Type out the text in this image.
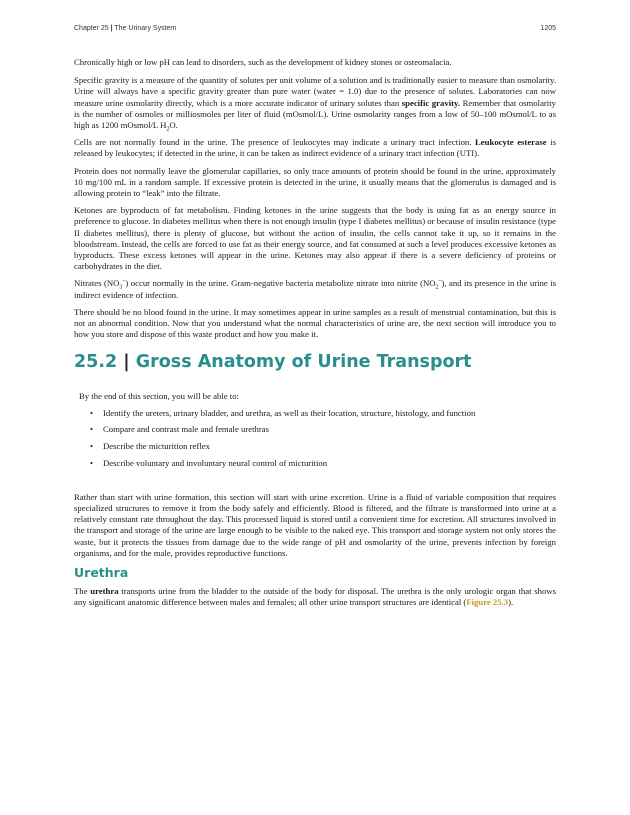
Chapter 25 | The Urinary System	1205

Chronically high or low pH can lead to disorders, such as the development of kidney stones or osteomalacia.

Specific gravity is a measure of the quantity of solutes per unit volume of a solution and is traditionally easier to measure than osmolarity. Urine will always have a specific gravity greater than pure water (water = 1.0) due to the presence of solutes. Laboratories can now measure urine osmolarity directly, which is a more accurate indicator of urinary solutes than specific gravity. Remember that osmolarity is the number of osmoles or milliosmoles per liter of fluid (mOsmol/L). Urine osmolarity ranges from a low of 50–100 mOsmol/L to as high as 1200 mOsmol/L $H_2O$.

Cells are not normally found in the urine. The presence of leukocytes may indicate a urinary tract infection. Leukocyte esterase is released by leukocytes; if detected in the urine, it can be taken as indirect evidence of a urinary tract infection (UTI).

Protein does not normally leave the glomerular capillaries, so only trace amounts of protein should be found in the urine, approximately 10 mg/100 mL in a random sample. If excessive protein is detected in the urine, it usually means that the glomerulus is damaged and is allowing protein to “leak” into the filtrate.

Ketones are byproducts of fat metabolism. Finding ketones in the urine suggests that the body is using fat as an energy source in preference to glucose. In diabetes mellitus when there is not enough insulin (type I diabetes mellitus) or because of insulin resistance (type II diabetes mellitus), there is plenty of glucose, but without the action of insulin, the cells cannot take it up, so it remains in the bloodstream. Instead, the cells are forced to use fat as their energy source, and fat consumed at such a level produces excessive ketones as byproducts. These excess ketones will appear in the urine. Ketones may also appear if there is a severe deficiency of proteins or carbohydrates in the diet.

Nitrates $(NO_3^-)$ occur normally in the urine. Gram-negative bacteria metabolize nitrate into nitrite $(NO_2^-)$, and its presence in the urine is indirect evidence of infection.

There should be no blood found in the urine. It may sometimes appear in urine samples as a result of menstrual contamination, but this is not an abnormal condition. Now that you understand what the normal characteristics of urine are, the next section will introduce you to how you store and dispose of this waste product and how you make it.

25.2 | Gross Anatomy of Urine Transport

By the end of this section, you will be able to:

• Identify the ureters, urinary bladder, and urethra, as well as their location, structure, histology, and function
• Compare and contrast male and female urethras
• Describe the micturition reflex
• Describe voluntary and involuntary neural control of micturition

Rather than start with urine formation, this section will start with urine excretion. Urine is a fluid of variable composition that requires specialized structures to remove it from the body safely and efficiently. Blood is filtered, and the filtrate is transformed into urine at a relatively constant rate throughout the day. This processed liquid is stored until a convenient time for excretion. All structures involved in the transport and storage of the urine are large enough to be visible to the naked eye. This transport and storage system not only stores the waste, but it protects the tissues from damage due to the wide range of pH and osmolarity of the urine, prevents infection by foreign organisms, and for the male, provides reproductive functions.

Urethra

The urethra transports urine from the bladder to the outside of the body for disposal. The urethra is the only urologic organ that shows any significant anatomic difference between males and females; all other urine transport structures are identical (Figure 25.3).
